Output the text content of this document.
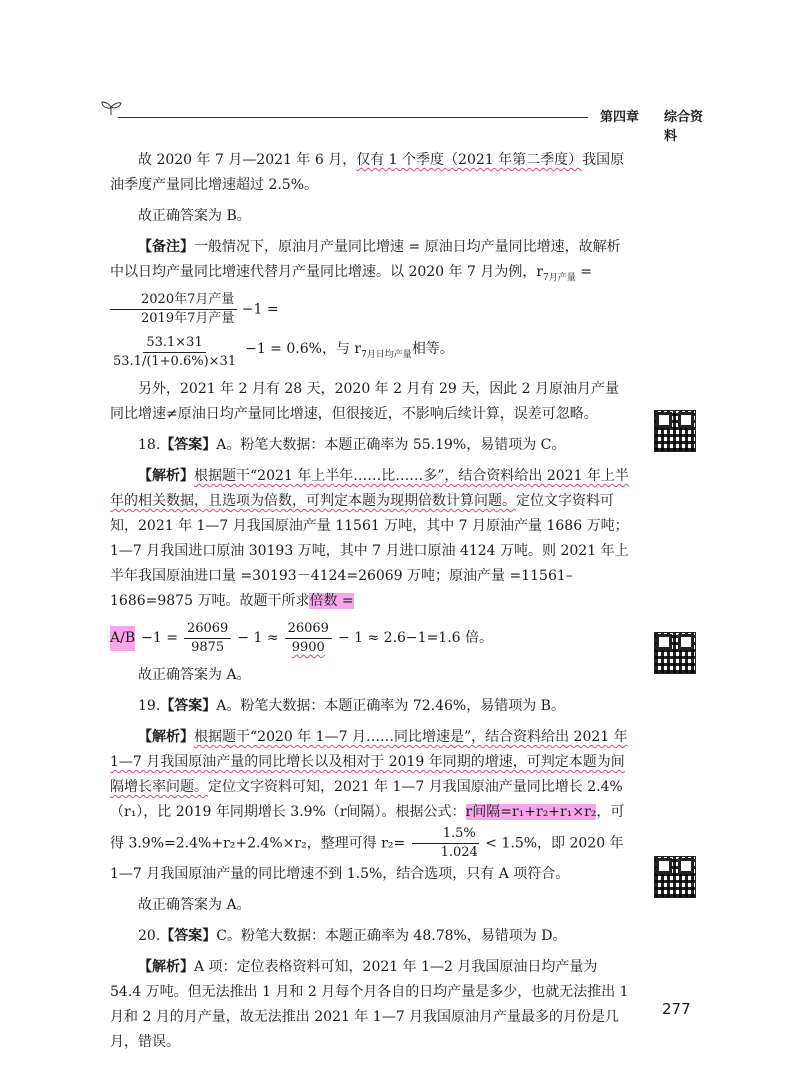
第四章 综合资料

故 2020 年 7 月—2021 年 6 月，仅有 1 个季度（2021 年第二季度）我国原油季度产量同比增速超过 2.5%。

故正确答案为 B。

【备注】一般情况下，原油月产量同比增速 = 原油日均产量同比增速，故解析中以日均产量同比增速代替月产量同比增速。以 2020 年 7 月为例，$r_{7月产量}$ =
$\frac{\text{2020年7月产量}}{\text{2019年7月产量}} -1$ =

$\frac{53.1\times 31}{53.1/(1+0.6\%)\times 31} -1 = 0.6\%$，与 $r_{7月日均产量}$相等。

另外，2021 年 2 月有 28 天，2020 年 2 月有 29 天，因此 2 月原油月产量同比增速≠原油日均产量同比增速，但很接近，不影响后续计算，误差可忽略。

18.【答案】A。粉笔大数据：本题正确率为 55.19%，易错项为 C。

【解析】根据题干“2021 年上半年……比……多”，结合资料给出 2021 年上半年的相关数据，且选项为倍数，可判定本题为现期倍数计算问题。定位文字资料可知，2021 年 1—7 月我国原油产量 11561 万吨，其中 7 月原油产量 1686 万吨；1—7 月我国进口原油 30193 万吨，其中 7 月进口原油 4124 万吨。则 2021 年上半年我国原油进口量 =30193－4124=26069 万吨；原油产量 =11561–1686=9875 万吨。故题干所求倍数 =

$A/B -1 = \frac{26069}{9875} - 1 \approx \frac{26069}{9900} - 1 \approx 2.6-1=1.6$ 倍。

故正确答案为 A。

19.【答案】A。粉笔大数据：本题正确率为 72.46%，易错项为 B。

【解析】根据题干“2020 年 1—7 月……同比增速是”，结合资料给出 2021 年 1—7 月我国原油产量的同比增长以及相对于 2019 年同期的增速，可判定本题为间隔增长率问题。定位文字资料可知，2021 年 1—7 月我国原油产量同比增长 2.4%（r₁），比 2019 年同期增长 3.9%（r间隔）。根据公式：r间隔=r₁+r₂+r₁×r₂，可得 3.9%=2.4%+r₂+2.4%×r₂，整理可得 $r_2= \frac{1.5\%}{1.024} < 1.5\%$，即 2020 年 1—7 月我国原油产量的同比增速不到 1.5%，结合选项，只有 A 项符合。

故正确答案为 A。

20.【答案】C。粉笔大数据：本题正确率为 48.78%，易错项为 D。

【解析】A 项：定位表格资料可知，2021 年 1—2 月我国原油日均产量为 54.4 万吨。但无法推出 1 月和 2 月每个月各自的日均产量是多少，也就无法推出 1 月和 2 月的月产量，故无法推出 2021 年 1—7 月我国原油月产量最多的月份是几月，错误。

277
